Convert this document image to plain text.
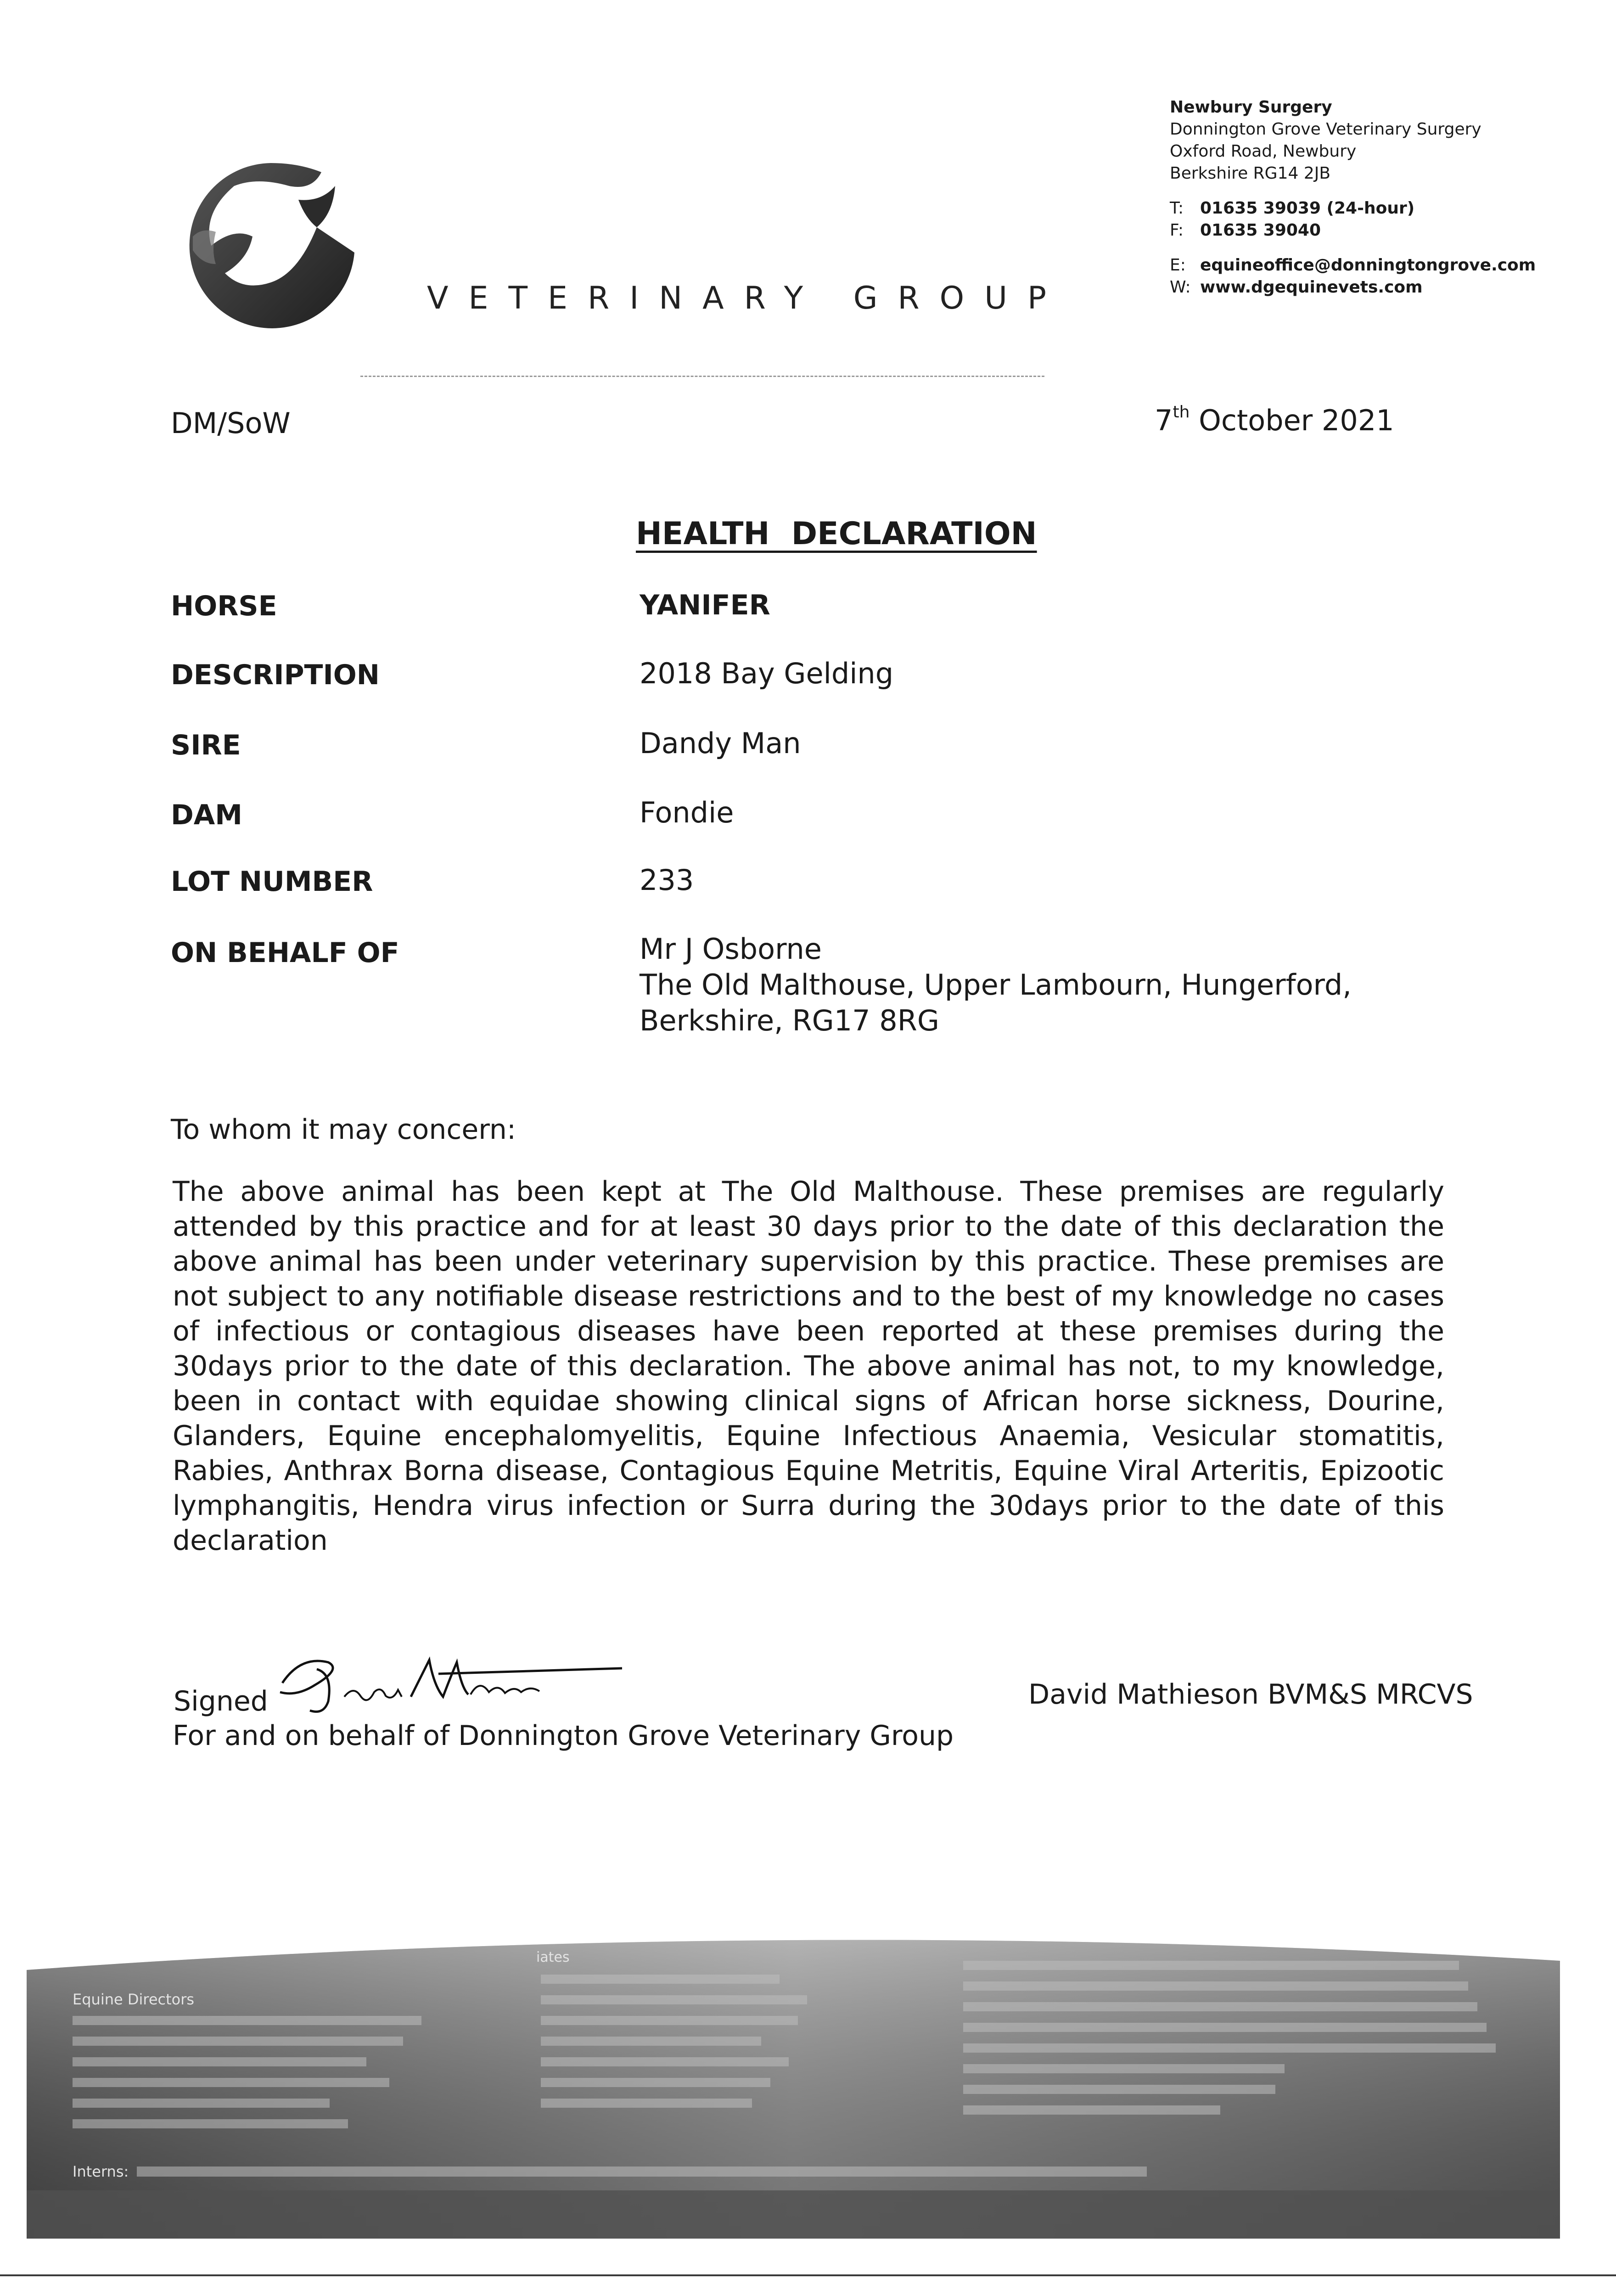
VETERINARY GROUP
Newbury Surgery
Donnington Grove Veterinary Surgery
Oxford Road, Newbury
Berkshire RG14 2JB
T: 01635 39039 (24-hour)
F: 01635 39040
E: equineoffice@donningtongrove.com
W: www.dgequinevets.com
DM/SoW	7th October 2021
HEALTH  DECLARATION
HORSE	YANIFER
DESCRIPTION	2018 Bay Gelding
SIRE	Dandy Man
DAM	Fondie
LOT NUMBER	233
ON BEHALF OF	Mr J Osborne
The Old Malthouse, Upper Lambourn, Hungerford,
Berkshire, RG17 8RG
To whom it may concern:
The above animal has been kept at The Old Malthouse. These premises are regularly attended by this practice and for at least 30 days prior to the date of this declaration the above animal has been under veterinary supervision by this practice. These premises are not subject to any notifiable disease restrictions and to the best of my knowledge no cases of infectious or contagious diseases have been reported at these premises during the 30days prior to the date of this declaration. The above animal has not, to my knowledge, been in contact with equidae showing clinical signs of African horse sickness, Dourine, Glanders, Equine encephalomyelitis, Equine Infectious Anaemia, Vesicular stomatitis, Rabies, Anthrax Borna disease, Contagious Equine Metritis, Equine Viral Arteritis, Epizootic lymphangitis, Hendra virus infection or Surra during the 30days prior to the date of this declaration
Signed
For and on behalf of Donnington Grove Veterinary Group
David Mathieson BVM&S MRCVS
Equine Directors
iates
Interns:
